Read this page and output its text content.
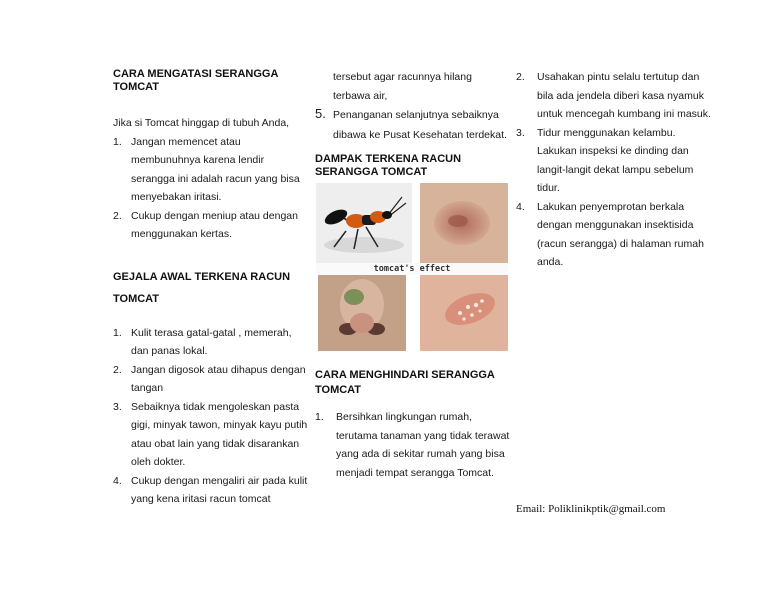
CARA MENGATASI SERANGGA TOMCAT

Jika si Tomcat hinggap di tubuh Anda,

1. Jangan memencet atau membunuhnya karena lendir serangga ini adalah racun yang bisa menyebakan iritasi.
2. Cukup dengan meniup atau dengan menggunakan kertas.
GEJALA AWAL TERKENA RACUN TOMCAT
1. Kulit terasa gatal-gatal , memerah, dan panas lokal.
2. Jangan digosok atau dihapus dengan tangan
3. Sebaiknya tidak mengoleskan pasta gigi, minyak tawon, minyak kayu putih atau obat lain yang tidak disarankan oleh dokter.
4. Cukup dengan mengaliri air pada kulit yang kena iritasi racun tomcat

tersebut agar racunnya hilang terbawa air,

5. Penanganan selanjutnya sebaiknya dibawa ke Pusat Kesehatan terdekat.
DAMPAK TERKENA RACUN SERANGGA TOMCAT
tomcat's effect
CARA MENGHINDARI SERANGGA TOMCAT
1.	Bersihkan lingkungan rumah, terutama tanaman yang tidak terawat yang ada di sekitar rumah yang bisa menjadi tempat serangga Tomcat.
2.	Usahakan pintu selalu tertutup dan bila ada jendela diberi kasa nyamuk untuk mencegah kumbang ini masuk.
3.	Tidur menggunakan kelambu. Lakukan inspeksi ke dinding dan langit-langit dekat lampu sebelum tidur.
4.	Lakukan penyemprotan berkala dengan menggunakan insektisida (racun serangga) di halaman rumah anda.
Email: Poliklinikptik@gmail.com
